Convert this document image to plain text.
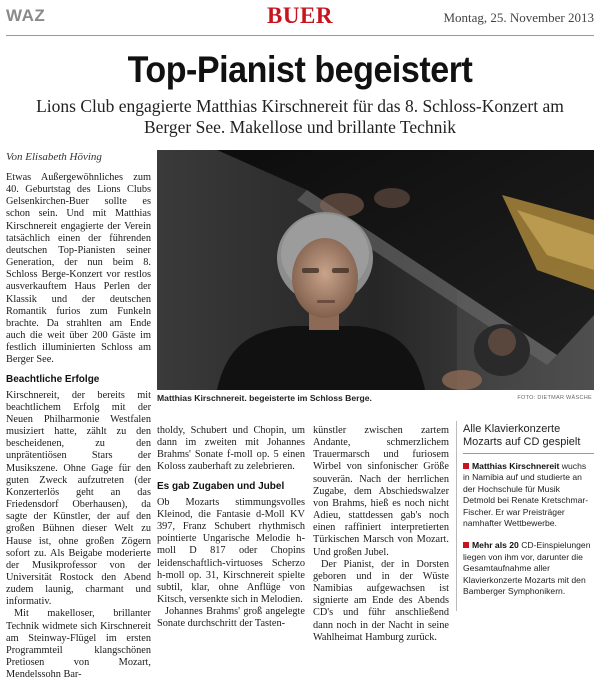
WAZ	BUER	Montag, 25. November 2013
Top-Pianist begeistert
Lions Club engagierte Matthias Kirschnereit für das 8. Schloss-Konzert am Berger See. Makellose und brillante Technik
Von Elisabeth Höving

Etwas Außergewöhnliches zum 40. Geburtstag des Lions Clubs Gelsenkirchen-Buer sollte es schon sein. Und mit Matthias Kirschnereit engagierte der Verein tatsächlich einen der führenden deutschen Top-Pianisten seiner Generation, der nun beim 8. Schloss Berge-Konzert vor restlos ausverkauftem Haus Perlen der Klassik und der deutschen Romantik furios zum Funkeln brachte. Da strahlten am Ende auch die weit über 200 Gäste im festlich illuminierten Schloss am Berger See.

Beachtliche Erfolge

Kirschnereit, der bereits mit beachtlichem Erfolg mit der Neuen Philharmonie Westfalen musiziert hatte, zählt zu den bescheidenen, zu den unprätentiösen Stars der Musikszene. Ohne Gage für den guten Zweck aufzutreten (der Konzerterlös geht an das Friedensdorf Oberhausen), da sagte der Künstler, der auf den großen Bühnen dieser Welt zu Hause ist, ohne großen Zögern sofort zu. Als Beigabe moderierte der Musikprofessor von der Universität Rostock den Abend zudem launig, charmant und informativ.

Mit makelloser, brillanter Technik widmete sich Kirschnereit am Steinway-Flügel im ersten Programmteil klangschönen Pretiosen von Mozart, Mendelssohn Bar-

Matthias Kirschnereit. begeisterte im Schloss Berge.	FOTO: DIETMAR WÄSCHE

tholdy, Schubert und Chopin, um dann im zweiten mit Johannes Brahms' Sonate f-moll op. 5 einen Koloss zauberhaft zu zelebrieren.

Es gab Zugaben und Jubel

Ob Mozarts stimmungsvolles Kleinod, die Fantasie d-Moll KV 397, Franz Schubert rhythmisch pointierte Ungarische Melodie h-moll D 817 oder Chopins leidenschaftlich-virtuoses Scherzo h-moll op. 31, Kirschnereit spielte subtil, klar, ohne Anflüge von Kitsch, versenkte sich in Melodien.

Johannes Brahms' groß angelegte Sonate durchschritt der Tasten-

künstler zwischen zartem Andante, schmerzlichem Trauermarsch und furiosem Wirbel von sinfonischer Größe souverän. Nach der herrlichen Zugabe, dem Abschiedswalzer von Brahms, hieß es noch nicht Adieu, stattdessen gab's noch einen raffiniert interpretierten Türkischen Marsch von Mozart. Und großen Jubel.

Der Pianist, der in Dorsten geboren und in der Wüste Namibias aufgewachsen ist signierte am Ende des Abends CD's und führ anschließend dann noch in der Nacht in seine Wahlheimat Hamburg zurück.

Alle Klavierkonzerte Mozarts auf CD gespielt

Matthias Kirschnereit wuchs in Namibia auf und studierte an der Hochschule für Musik Detmold bei Renate Kretschmar-Fischer. Er war Preisträger namhafter Wettbewerbe.

Mehr als 20 CD-Einspielungen liegen von ihm vor, darunter die Gesamtaufnahme aller Klavierkonzerte Mozarts mit den Bamberger Symphonikern.
